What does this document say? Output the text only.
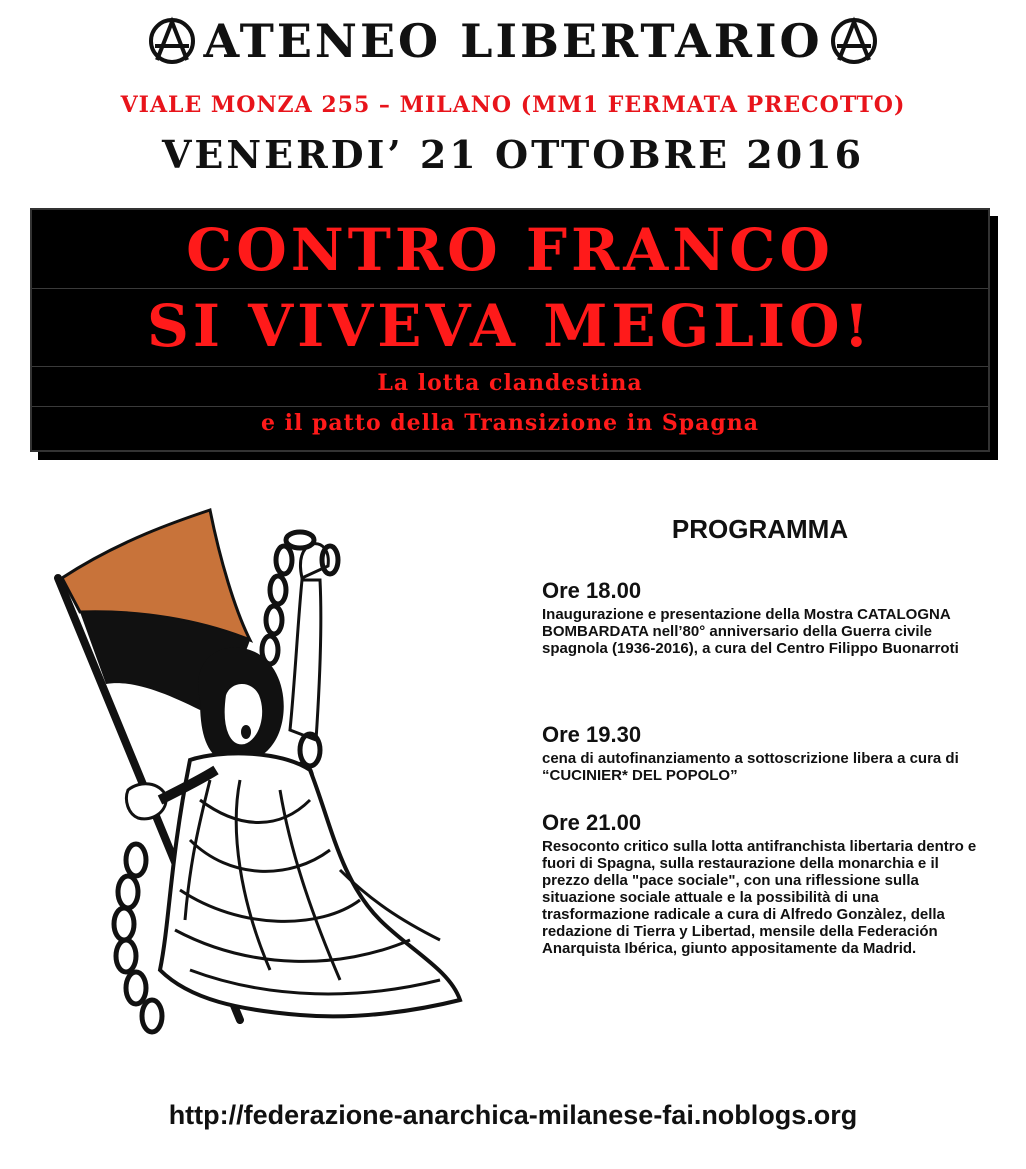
ATENEO LIBERTARIO
VIALE MONZA 255 – MILANO (MM1 FERMATA PRECOTTO)
VENERDI’ 21 OTTOBRE 2016
CONTRO FRANCO
SI VIVEVA MEGLIO!
La lotta clandestina
e il patto della Transizione in Spagna
PROGRAMMA
Ore 18.00
Inaugurazione e presentazione della Mostra CATALOGNA BOMBARDATA nell’80° anniversario della Guerra civile spagnola (1936-2016), a cura del Centro Filippo Buonarroti
Ore 19.30
cena di autofinanziamento a sottoscrizione libera a cura di “CUCINIER* DEL POPOLO”
Ore 21.00
Resoconto critico sulla lotta antifranchista libertaria dentro e fuori di Spagna, sulla restaurazione della monarchia e il prezzo della "pace sociale", con una riflessione sulla situazione sociale attuale e la possibilità di una trasformazione radicale a cura di Alfredo Gonzàlez, della redazione di Tierra y Libertad, mensile della Federación Anarquista Ibérica, giunto appositamente da Madrid.
http://federazione-anarchica-milanese-fai.noblogs.org
